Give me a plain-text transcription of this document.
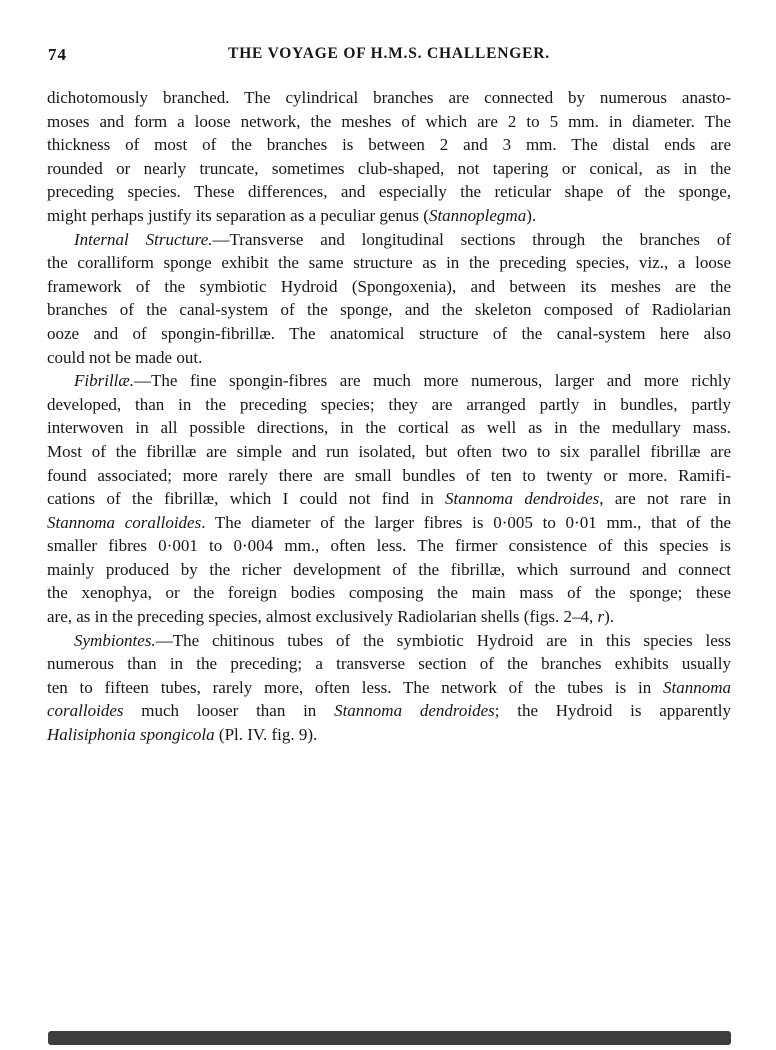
74	THE VOYAGE OF H.M.S. CHALLENGER.
dichotomously branched. The cylindrical branches are connected by numerous anasto-
moses and form a loose network, the meshes of which are 2 to 5 mm. in diameter. The
thickness of most of the branches is between 2 and 3 mm. The distal ends are
rounded or nearly truncate, sometimes club-shaped, not tapering or conical, as in the
preceding species. These differences, and especially the reticular shape of the sponge,
might perhaps justify its separation as a peculiar genus (Stannoplegma).
Internal Structure.—Transverse and longitudinal sections through the branches of
the coralliform sponge exhibit the same structure as in the preceding species, viz., a loose
framework of the symbiotic Hydroid (Spongoxenia), and between its meshes are the
branches of the canal-system of the sponge, and the skeleton composed of Radiolarian
ooze and of spongin-fibrillæ. The anatomical structure of the canal-system here also
could not be made out.
Fibrillæ.—The fine spongin-fibres are much more numerous, larger and more richly
developed, than in the preceding species; they are arranged partly in bundles, partly
interwoven in all possible directions, in the cortical as well as in the medullary mass.
Most of the fibrillæ are simple and run isolated, but often two to six parallel fibrillæ are
found associated; more rarely there are small bundles of ten to twenty or more. Ramifi-
cations of the fibrillæ, which I could not find in Stannoma dendroides, are not rare in
Stannoma coralloides. The diameter of the larger fibres is 0·005 to 0·01 mm., that of the
smaller fibres 0·001 to 0·004 mm., often less. The firmer consistence of this species is
mainly produced by the richer development of the fibrillæ, which surround and connect
the xenophya, or the foreign bodies composing the main mass of the sponge; these
are, as in the preceding species, almost exclusively Radiolarian shells (figs. 2–4, r).
Symbiontes.—The chitinous tubes of the symbiotic Hydroid are in this species less
numerous than in the preceding; a transverse section of the branches exhibits usually
ten to fifteen tubes, rarely more, often less. The network of the tubes is in Stannoma
coralloides much looser than in Stannoma dendroides; the Hydroid is apparently
Halisiphonia spongicola (Pl. IV. fig. 9).
